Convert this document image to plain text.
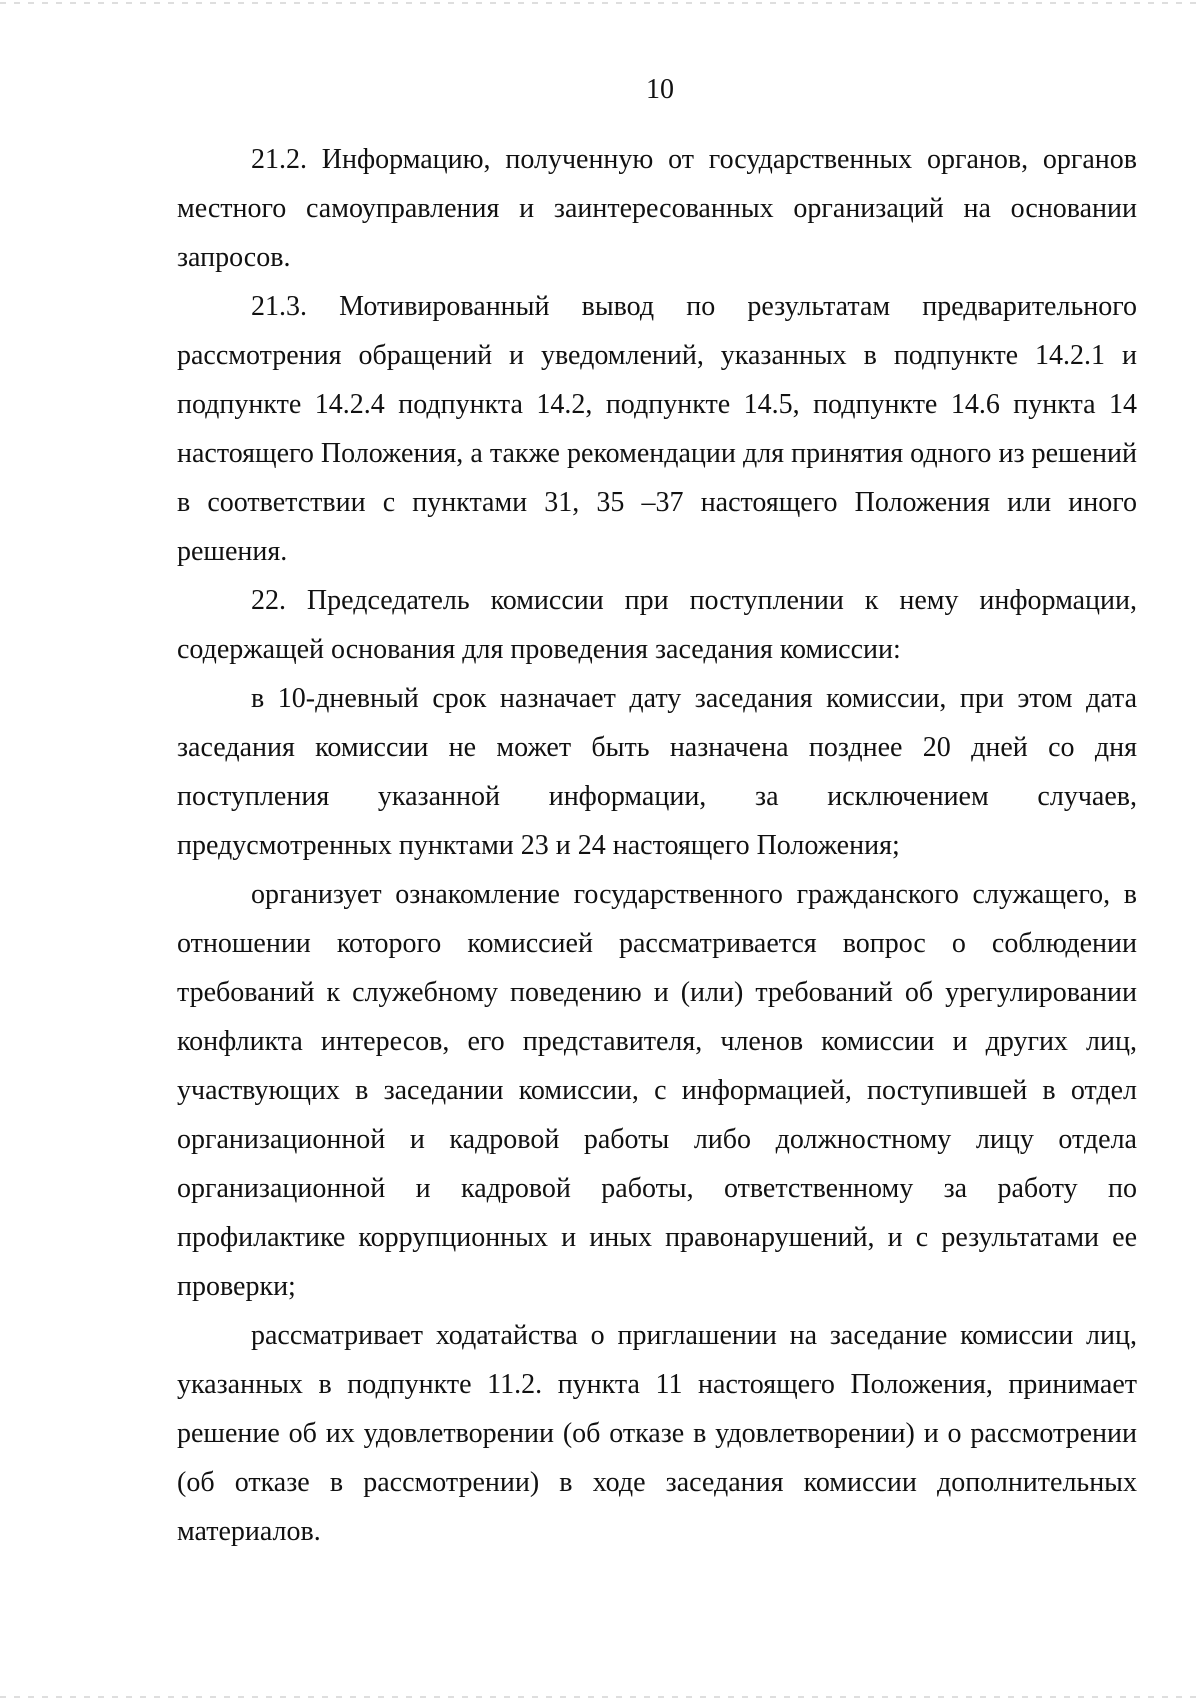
10

21.2. Информацию, полученную от государственных органов, органов местного самоуправления и заинтересованных организаций на основании запросов.

21.3. Мотивированный вывод по результатам предварительного рассмотрения обращений и уведомлений, указанных в подпункте 14.2.1 и подпункте 14.2.4 подпункта 14.2, подпункте 14.5, подпункте 14.6 пункта 14 настоящего Положения, а также рекомендации для принятия одного из решений в соответствии с пунктами 31, 35 –37 настоящего Положения или иного решения.

22. Председатель комиссии при поступлении к нему информации, содержащей основания для проведения заседания комиссии:

в 10-дневный срок назначает дату заседания комиссии, при этом дата заседания комиссии не может быть назначена позднее 20 дней со дня поступления указанной информации, за исключением случаев, предусмотренных пунктами 23 и 24 настоящего Положения;

организует ознакомление государственного гражданского служащего, в отношении которого комиссией рассматривается вопрос о соблюдении требований к служебному поведению и (или) требований об урегулировании конфликта интересов, его представителя, членов комиссии и других лиц, участвующих в заседании комиссии, с информацией, поступившей в отдел организационной и кадровой работы либо должностному лицу отдела организационной и кадровой работы, ответственному за работу по профилактике коррупционных и иных правонарушений, и с результатами ее проверки;

рассматривает ходатайства о приглашении на заседание комиссии лиц, указанных в подпункте 11.2. пункта 11 настоящего Положения, принимает решение об их удовлетворении (об отказе в удовлетворении) и о рассмотрении (об отказе в рассмотрении) в ходе заседания комиссии дополнительных материалов.
